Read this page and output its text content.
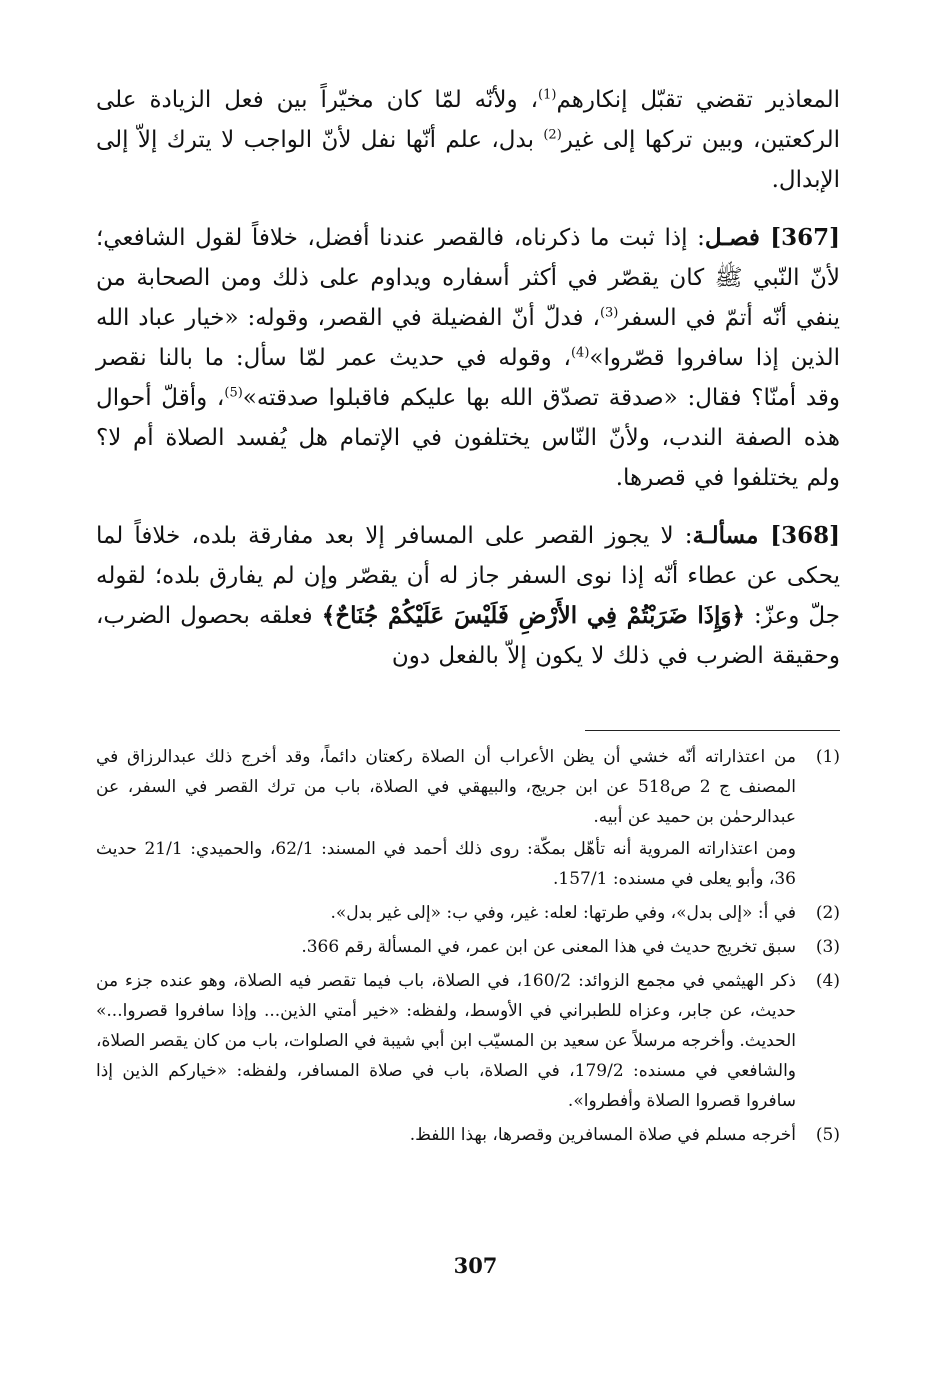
المعاذير تقضي تقبّل إنكارهم$^{(1)}$، ولأنّه لمّا كان مخيّراً بين فعل الزيادة على الركعتين، وبين تركها إلى غير$^{(2)}$ بدل، علم أنّها نفل لأنّ الواجب لا يترك إلاّ إلى الإبدال.

[367] فصـل: إذا ثبت ما ذكرناه، فالقصر عندنا أفضل، خلافاً لقول الشافعي؛ لأنّ النّبي ﷺ كان يقصّر في أكثر أسفاره ويداوم على ذلك ومن الصحابة من ينفي أنّه أتمّ في السفر$^{(3)}$، فدلّ أنّ الفضيلة في القصر، وقوله: «خيار عباد الله الذين إذا سافروا قصّروا»$^{(4)}$، وقوله في حديث عمر لمّا سأل: ما بالنا نقصر وقد أمنّا؟ فقال: «صدقة تصدّق الله بها عليكم فاقبلوا صدقته»$^{(5)}$، وأقلّ أحوال هذه الصفة الندب، ولأنّ النّاس يختلفون في الإتمام هل يُفسد الصلاة أم لا؟ ولم يختلفوا في قصرها.

[368] مسألـة: لا يجوز القصر على المسافر إلا بعد مفارقة بلده، خلافاً لما يحكى عن عطاء أنّه إذا نوى السفر جاز له أن يقصّر وإن لم يفارق بلده؛ لقوله جلّ وعزّ: ﴿وَإِذَا ضَرَبْتُمْ فِي الأَرْضِ فَلَيْسَ عَلَيْكُمْ جُنَاحٌ﴾ فعلقه بحصول الضرب، وحقيقة الضرب في ذلك لا يكون إلاّ بالفعل دون

(1)

من اعتذاراته أنّه خشي أن يظن الأعراب أن الصلاة ركعتان دائماً، وقد أخرج ذلك عبدالرزاق في المصنف ج 2 ص518 عن ابن جريج، والبيهقي في الصلاة، باب من ترك القصر في السفر، عن عبدالرحمٰن بن حميد عن أبيه.

ومن اعتذاراته المروية أنه تأهّل بمكّة: روى ذلك أحمد في المسند: 62/1، والحميدي: 21/1 حديث 36، وأبو يعلى في مسنده: 157/1.

(2)

في أ: «إلى بدل»، وفي طرتها: لعله: غير، وفي ب: «إلى غير بدل».

(3)

سبق تخريج حديث في هذا المعنى عن ابن عمر، في المسألة رقم 366.

(4)

ذكر الهيثمي في مجمع الزوائد: 160/2، في الصلاة، باب فيما تقصر فيه الصلاة، وهو عنده جزء من حديث، عن جابر، وعزاه للطبراني في الأوسط، ولفظه: «خير أمتي الذين... وإذا سافروا قصروا...» الحديث. وأخرجه مرسلاً عن سعيد بن المسيّب ابن أبي شيبة في الصلوات، باب من كان يقصر الصلاة، والشافعي في مسنده: 179/2، في الصلاة، باب في صلاة المسافر، ولفظه: «خياركم الذين إذا سافروا قصروا الصلاة وأفطروا».

(5)

أخرجه مسلم في صلاة المسافرين وقصرها، بهذا اللفظ.

307
